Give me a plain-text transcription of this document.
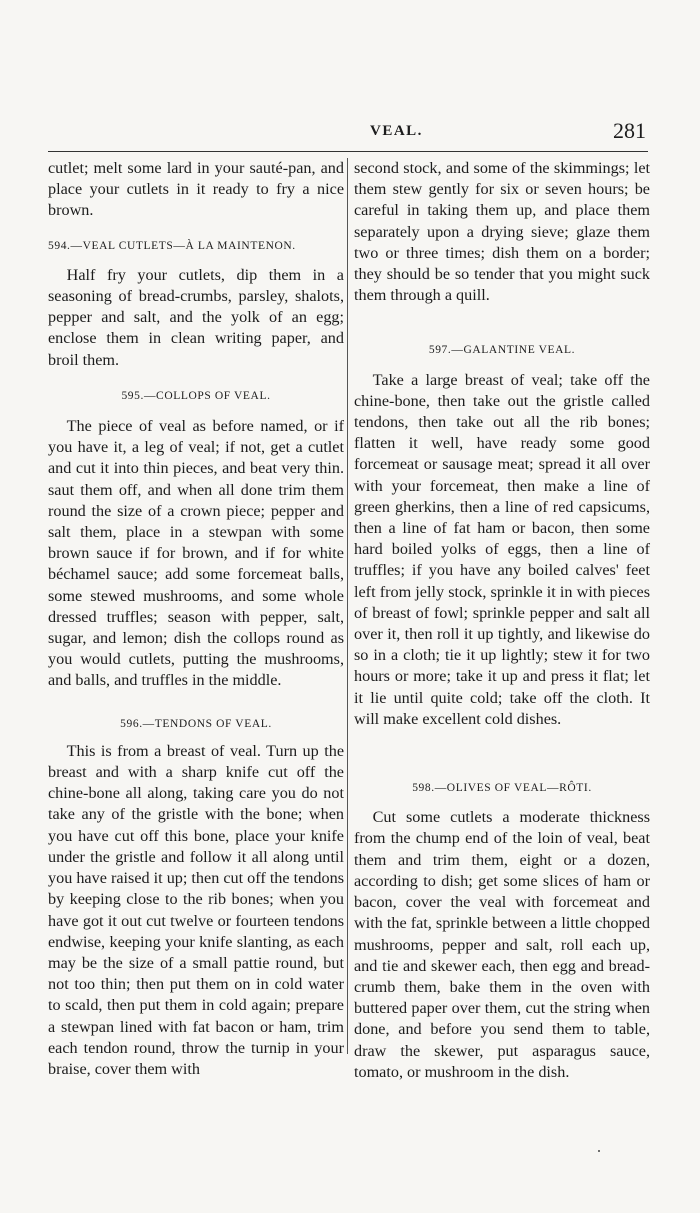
VEAL.	281

cutlet; melt some lard in your sauté-pan, and place your cutlets in it ready to fry a nice brown.

594.—VEAL CUTLETS—À LA MAINTENON.

Half fry your cutlets, dip them in a seasoning of bread-crumbs, parsley, shalots, pepper and salt, and the yolk of an egg; enclose them in clean writing paper, and broil them.

595.—COLLOPS OF VEAL.

The piece of veal as before named, or if you have it, a leg of veal; if not, get a cutlet and cut it into thin pieces, and beat very thin. saut them off, and when all done trim them round the size of a crown piece; pepper and salt them, place in a stewpan with some brown sauce if for brown, and if for white béchamel sauce; add some forcemeat balls, some stewed mushrooms, and some whole dressed truffles; season with pepper, salt, sugar, and lemon; dish the collops round as you would cutlets, putting the mushrooms, and balls, and truffles in the middle.

596.—TENDONS OF VEAL.

This is from a breast of veal. Turn up the breast and with a sharp knife cut off the chine-bone all along, taking care you do not take any of the gristle with the bone; when you have cut off this bone, place your knife under the gristle and follow it all along until you have raised it up; then cut off the tendons by keeping close to the rib bones; when you have got it out cut twelve or fourteen tendons endwise, keeping your knife slanting, as each may be the size of a small pattie round, but not too thin; then put them on in cold water to scald, then put them in cold again; prepare a stewpan lined with fat bacon or ham, trim each tendon round, throw the turnip in your braise, cover them with

second stock, and some of the skimmings; let them stew gently for six or seven hours; be careful in taking them up, and place them separately upon a drying sieve; glaze them two or three times; dish them on a border; they should be so tender that you might suck them through a quill.

597.—GALANTINE VEAL.

Take a large breast of veal; take off the chine-bone, then take out the gristle called tendons, then take out all the rib bones; flatten it well, have ready some good forcemeat or sausage meat; spread it all over with your forcemeat, then make a line of green gherkins, then a line of red capsicums, then a line of fat ham or bacon, then some hard boiled yolks of eggs, then a line of truffles; if you have any boiled calves' feet left from jelly stock, sprinkle it in with pieces of breast of fowl; sprinkle pepper and salt all over it, then roll it up tightly, and likewise do so in a cloth; tie it up lightly; stew it for two hours or more; take it up and press it flat; let it lie until quite cold; take off the cloth. It will make excellent cold dishes.

598.—OLIVES OF VEAL—RÔTI.

Cut some cutlets a moderate thickness from the chump end of the loin of veal, beat them and trim them, eight or a dozen, according to dish; get some slices of ham or bacon, cover the veal with forcemeat and with the fat, sprinkle between a little chopped mushrooms, pepper and salt, roll each up, and tie and skewer each, then egg and bread-crumb them, bake them in the oven with buttered paper over them, cut the string when done, and before you send them to table, draw the skewer, put asparagus sauce, tomato, or mushroom in the dish.
